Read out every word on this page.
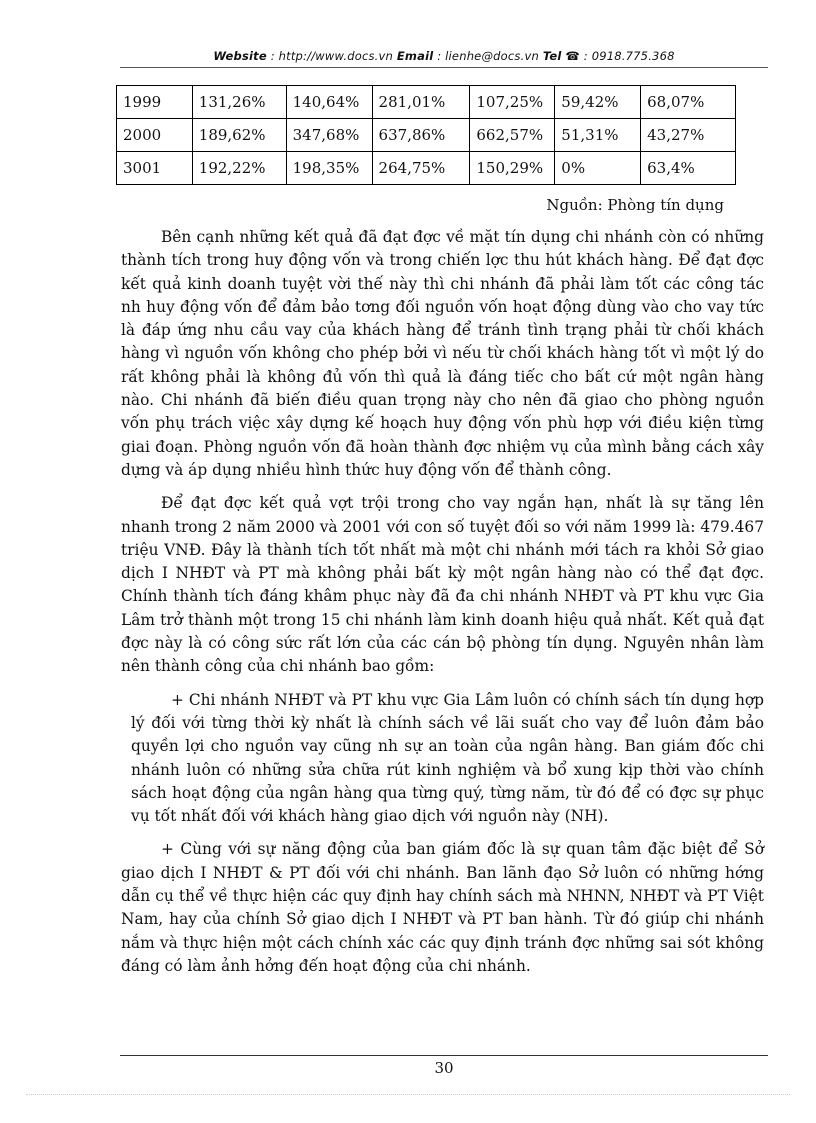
Website : http://www.docs.vn Email : lienhe@docs.vn Tel ☎ : 0918.775.368
1999	131,26%	140,64%	281,01%	107,25%	59,42%	68,07%
2000	189,62%	347,68%	637,86%	662,57%	51,31%	43,27%
3001	192,22%	198,35%	264,75%	150,29%	0%	63,4%
Nguồn: Phòng tín dụng

Bên cạnh những kết quả đã đạt đợc về mặt tín dụng chi nhánh còn có những thành tích trong huy động vốn và trong chiến lợc thu hút khách hàng. Để đạt đợc kết quả kinh doanh tuyệt vời thế này thì chi nhánh đã phải làm tốt các công tác nh huy động vốn để đảm bảo tơng đối nguồn vốn hoạt động dùng vào cho vay tức là đáp ứng nhu cầu vay của khách hàng để tránh tình trạng phải từ chối khách hàng vì nguồn vốn không cho phép bởi vì nếu từ chối khách hàng tốt vì một lý do rất không phải là không đủ vốn thì quả là đáng tiếc cho bất cứ một ngân hàng nào. Chi nhánh đã biến điều quan trọng này cho nên đã giao cho phòng nguồn vốn phụ trách việc xây dựng kế hoạch huy động vốn phù hợp với điều kiện từng giai đoạn. Phòng nguồn vốn đã hoàn thành đợc nhiệm vụ của mình bằng cách xây dựng và áp dụng nhiều hình thức huy động vốn để thành công.

Để đạt đợc kết quả vợt trội trong cho vay ngắn hạn, nhất là sự tăng lên nhanh trong 2 năm 2000 và 2001 với con số tuyệt đối so với năm 1999 là: 479.467 triệu VNĐ. Đây là thành tích tốt nhất mà một chi nhánh mới tách ra khỏi Sở giao dịch I NHĐT và PT mà không phải bất kỳ một ngân hàng nào có thể đạt đợc. Chính thành tích đáng khâm phục này đã đa chi nhánh NHĐT và PT khu vực Gia Lâm trở thành một trong 15 chi nhánh làm kinh doanh hiệu quả nhất. Kết quả đạt đợc này là có công sức rất lớn của các cán bộ phòng tín dụng. Nguyên nhân làm nên thành công của chi nhánh bao gồm:

+ Chi nhánh NHĐT và PT khu vực Gia Lâm luôn có chính sách tín dụng hợp lý đối với từng thời kỳ nhất là chính sách về lãi suất cho vay để luôn đảm bảo quyền lợi cho nguồn vay cũng nh sự an toàn của ngân hàng. Ban giám đốc chi nhánh luôn có những sửa chữa rút kinh nghiệm và bổ xung kịp thời vào chính sách hoạt động của ngân hàng qua từng quý, từng năm, từ đó để có đợc sự phục vụ tốt nhất đối với khách hàng giao dịch với nguồn này (NH).

+ Cùng với sự năng động của ban giám đốc là sự quan tâm đặc biệt để Sở giao dịch I NHĐT & PT đối với chi nhánh. Ban lãnh đạo Sở luôn có những hớng dẫn cụ thể về thực hiện các quy định hay chính sách mà NHNN, NHĐT và PT Việt Nam, hay của chính Sở giao dịch I NHĐT và PT ban hành. Từ đó giúp chi nhánh nắm và thực hiện một cách chính xác các quy định tránh đợc những sai sót không đáng có làm ảnh hởng đến hoạt động của chi nhánh.

30
